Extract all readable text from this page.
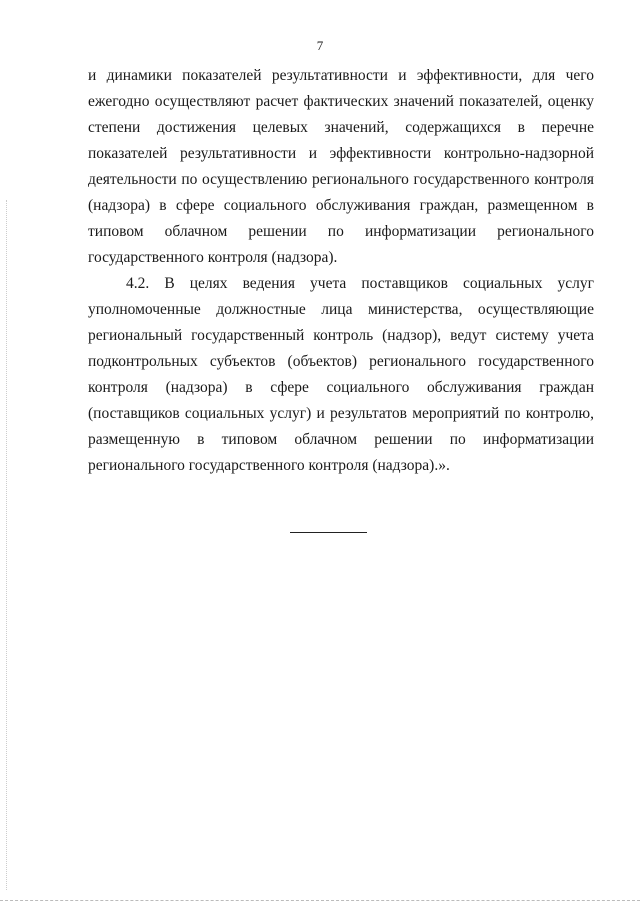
7
и динамики показателей результативности и эффективности, для чего
ежегодно осуществляют расчет фактических значений показателей, оценку
степени достижения целевых значений, содержащихся в перечне
показателей результативности и эффективности контрольно-надзорной
деятельности по осуществлению регионального государственного контроля
(надзора) в сфере социального обслуживания граждан, размещенном в
типовом облачном решении по информатизации регионального
государственного контроля (надзора).
4.2. В целях ведения учета поставщиков социальных услуг
уполномоченные должностные лица министерства, осуществляющие
региональный государственный контроль (надзор), ведут систему учета
подконтрольных субъектов (объектов) регионального государственного
контроля (надзора) в сфере социального обслуживания граждан
(поставщиков социальных услуг) и результатов мероприятий по контролю,
размещенную в типовом облачном решении по информатизации
регионального государственного контроля (надзора).».
